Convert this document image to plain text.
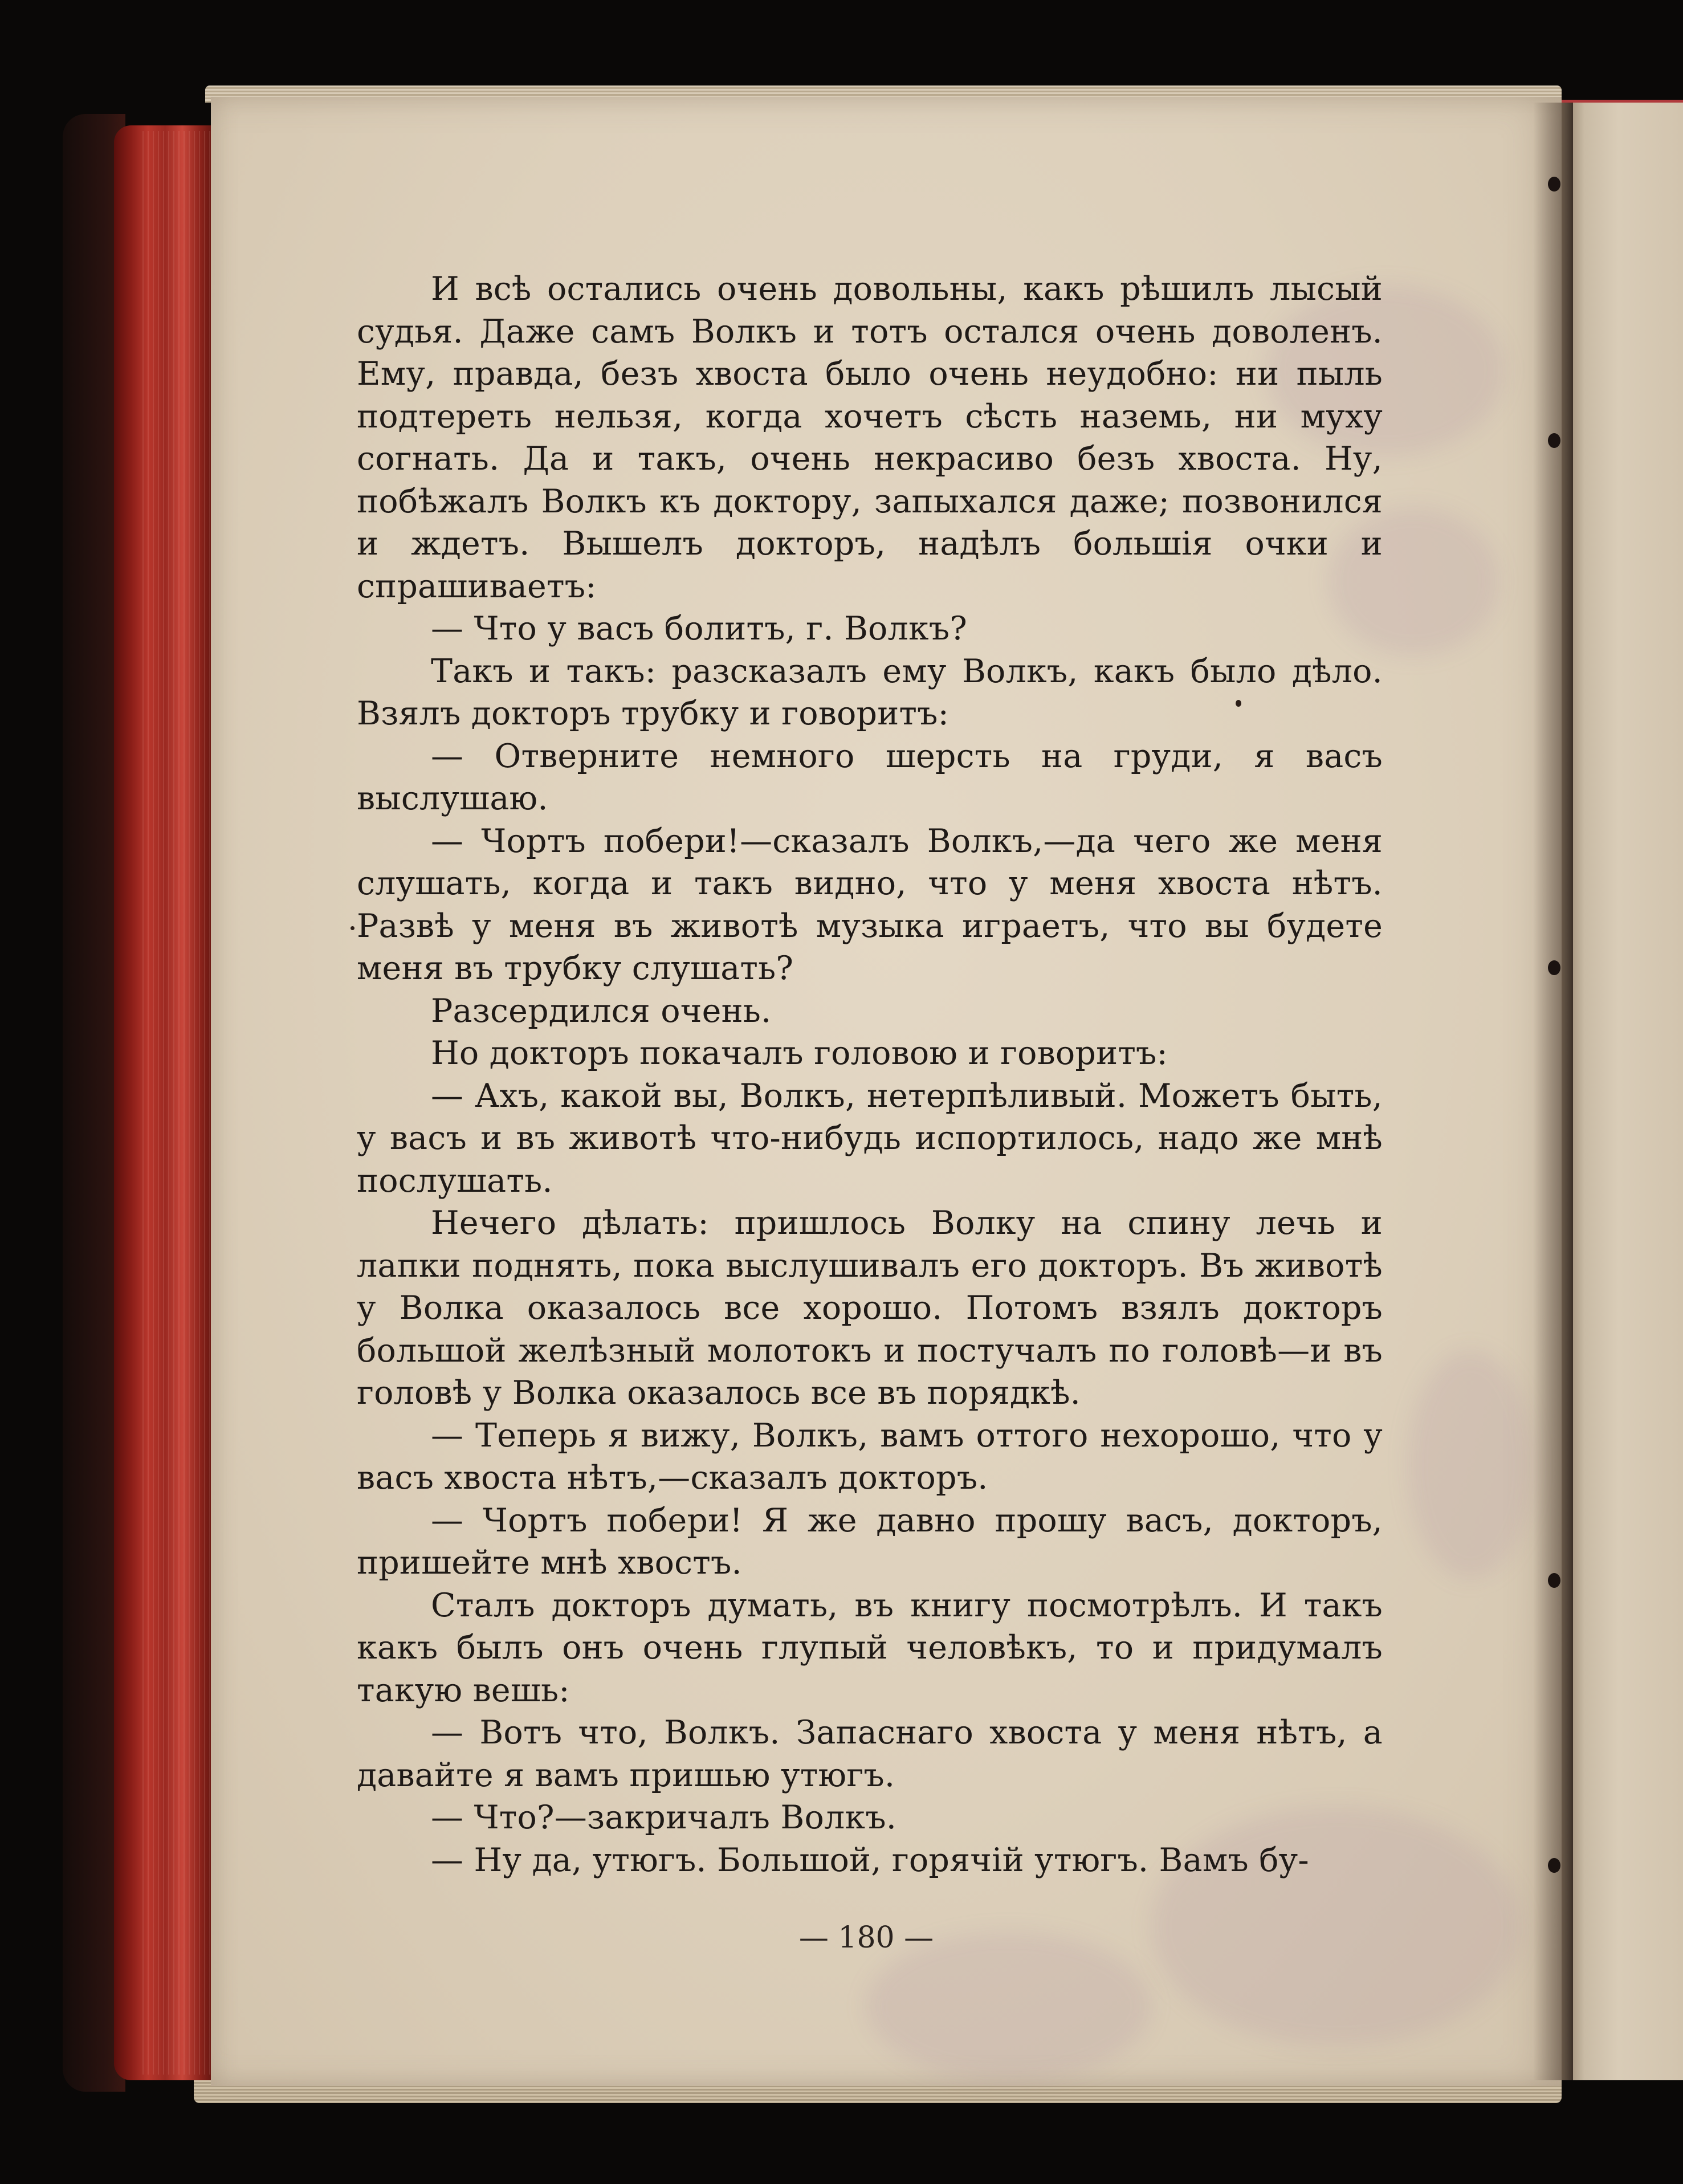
И всѣ остались очень довольны, какъ рѣшилъ лысый судья. Даже самъ Волкъ и тотъ остался очень доволенъ. Ему, правда, безъ хвоста было очень неудобно: ни пыль подтереть нельзя, когда хочетъ сѣсть наземь, ни муху согнать. Да и такъ, очень некрасиво безъ хвоста. Ну, побѣжалъ Волкъ къ доктору, запыхался даже; позвонился и ждетъ. Вышелъ докторъ, надѣлъ большія очки и спрашиваетъ:

— Что у васъ болитъ, г. Волкъ?

Такъ и такъ: разсказалъ ему Волкъ, какъ было дѣло. Взялъ докторъ трубку и говоритъ:

— Отверните немного шерсть на груди, я васъ выслушаю.

— Чортъ побери!—сказалъ Волкъ,—да чего же меня слушать, когда и такъ видно, что у меня хвоста нѣтъ. Развѣ у меня въ животѣ музыка играетъ, что вы будете меня въ трубку слушать?

Разсердился очень.

Но докторъ покачалъ головою и говоритъ:

— Ахъ, какой вы, Волкъ, нетерпѣливый. Можетъ быть, у васъ и въ животѣ что-нибудь испортилось, надо же мнѣ послушать.

Нечего дѣлать: пришлось Волку на спину лечь и лапки поднять, пока выслушивалъ его докторъ. Въ животѣ у Волка оказалось все хорошо. Потомъ взялъ докторъ большой желѣзный молотокъ и постучалъ по головѣ—и въ головѣ у Волка оказалось все въ порядкѣ.

— Теперь я вижу, Волкъ, вамъ оттого нехорошо, что у васъ хвоста нѣтъ,—сказалъ докторъ.

— Чортъ побери! Я же давно прошу васъ, докторъ, пришейте мнѣ хвостъ.

Сталъ докторъ думать, въ книгу посмотрѣлъ. И такъ какъ былъ онъ очень глупый человѣкъ, то и придумалъ такую вешь:

— Вотъ что, Волкъ. Запаснаго хвоста у меня нѣтъ, а давайте я вамъ пришью утюгъ.

— Что?—закричалъ Волкъ.

— Ну да, утюгъ. Большой, горячій утюгъ. Вамъ бу-

— 180 —
